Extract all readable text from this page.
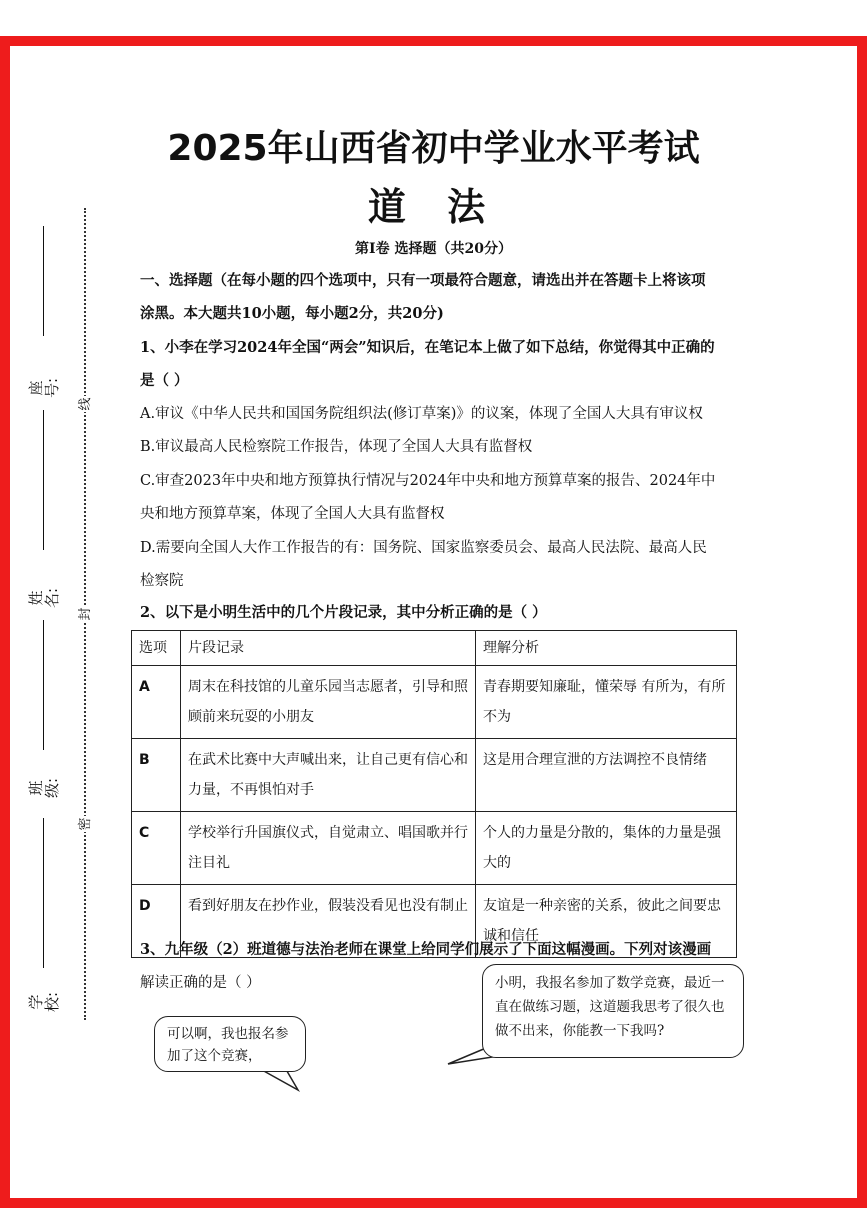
座号:
姓名:
班级:
学校:
线
封
密
2025年山西省初中学业水平考试
道 法
第Ⅰ卷 选择题（共20分）
一、选择题（在每小题的四个选项中，只有一项最符合题意，请选出并在答题卡上将该项
涂黑。本大题共10小题，每小题2分，共20分)
1、小李在学习2024年全国“两会”知识后，在笔记本上做了如下总结，你觉得其中正确的
是（ ）
A.审议《中华人民共和国国务院组织法(修订草案)》的议案，体现了全国人大具有审议权
B.审议最高人民检察院工作报告，体现了全国人大具有监督权
C.审查2023年中央和地方预算执行情况与2024年中央和地方预算草案的报告、2024年中
央和地方预算草案，体现了全国人大具有监督权
D.需要向全国人大作工作报告的有：国务院、国家监察委员会、最高人民法院、最高人民
检察院
2、以下是小明生活中的几个片段记录，其中分析正确的是（ ）
选项	片段记录	理解分析
A	周末在科技馆的儿童乐园当志愿者，引导和照顾前来玩耍的小朋友	青春期要知廉耻，懂荣辱 有所为，有所不为
B	在武术比赛中大声喊出来，让自己更有信心和力量，不再惧怕对手	这是用合理宣泄的方法调控不良情绪
C	学校举行升国旗仪式，自觉肃立、唱国歌并行注目礼	个人的力量是分散的，集体的力量是强大的
D	看到好朋友在抄作业，假装没看见也没有制止	友谊是一种亲密的关系，彼此之间要忠诚和信任
3、九年级（2）班道德与法治老师在课堂上给同学们展示了下面这幅漫画。下列对该漫画
解读正确的是（ ）	小明，我报名参加了数学竞赛，最近一直在做练习题，这道题我思考了很久也做不出来，你能教一下我吗?
可以啊，我也报名参加了这个竞赛，
